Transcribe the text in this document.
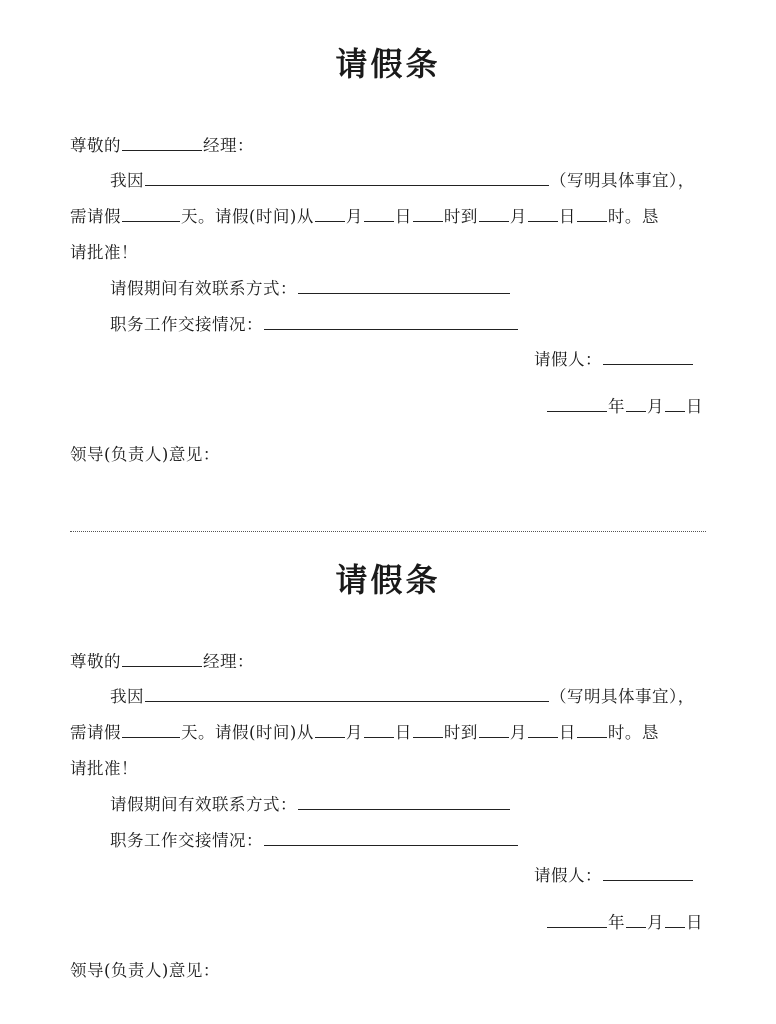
请假条
尊敬的	经理：
我因	（写明具体事宜），
需请假	天。请假(时间)从 月 日 时到 月 日 时。恳
请批准！
请假期间有效联系方式：
职务工作交接情况：
请假人：
年 月 日
领导(负责人)意见：
请假条
尊敬的	经理：
我因	（写明具体事宜），
需请假	天。请假(时间)从 月 日 时到 月 日 时。恳
请批准！
请假期间有效联系方式：
职务工作交接情况：
请假人：
年 月 日
领导(负责人)意见：
